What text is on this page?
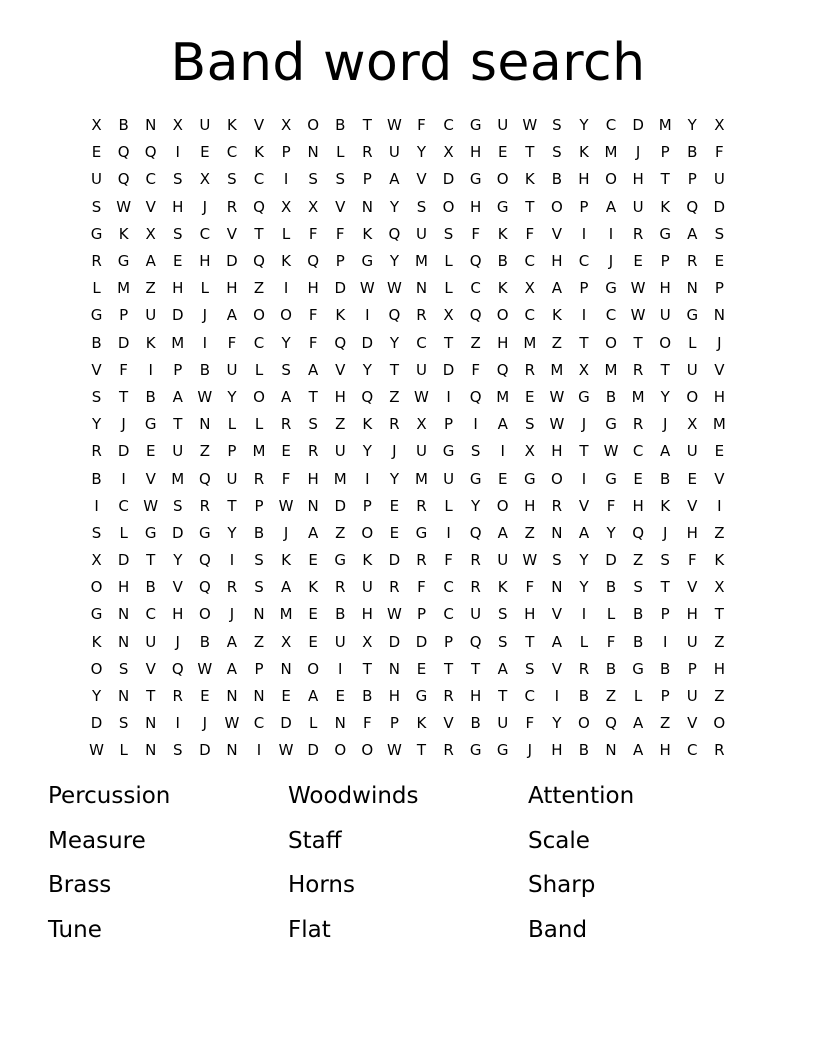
Band word search
X	B	N	X	U	K	V	X	O	B	T	W	F	C	G	U W S	Y	C	D M	Y	X
E	Q	Q	I	E	C	K	P	N	L	R	U	Y	X	H	E	T	S	K	M	J	P	B	F
U	Q	C	S	X	S	C	I	S	S	P	A	V	D	G	O	K	B	H	O	H	T	P	U
S W V	H	J	R	Q	X	X	V	N	Y	S	O	H	G	T	O	P	A	U	K	Q	D
G	K	X	S	C	V	T	L	F	F	K	Q	U	S	F	K	F	V	I	I	R	G	A	S
R	G	A	E	H	D	Q	K	Q	P	G	Y	M	L	Q	B	C	H	C	J	E	P	R	E
L	M	Z	H	L	H	Z	I	H	D W W N	L	C	K	X	A	P	G W H	N	P
G	P	U	D	J	A	O	O	F	K	I	Q	R	X	Q	O	C	K	I	C W U	G	N
B	D	K	M	I	F	C	Y	F	Q	D	Y	C	T	Z	H M	Z	T	O	T	O	L	J
V	F	I	P	B	U	L	S	A	V	Y	T	U	D	F	Q	R	M	X	M	R	T	U	V
S	T	B	A W	Y	O	A	T	H	Q	Z W	I	Q M	E W G	B	M	Y	O	H
Y	J	G	T	N	L	L	R	S	Z	K	R	X	P	I	A	S W	J	G	R	J	X	M
R	D	E	U	Z	P	M	E	R	U	Y	J	U	G	S	I	X	H	T	W C	A	U	E
B	I	V	M Q	U	R	F	H M	I	Y	M	U	G	E	G	O	I	G	E	B	E	V
I	C W S	R	T	P	W N	D	P	E	R	L	Y	O	H	R	V	F	H	K	V	I
S	L	G	D	G	Y	B	J	A	Z	O	E	G	I	Q	A	Z	N	A	Y	Q	J	H	Z
X	D	T	Y	Q	I	S	K	E	G	K	D	R	F	R	U W S	Y	D	Z	S	F	K
O	H	B	V	Q	R	S	A	K	R	U	R	F	C	R	K	F	N	Y	B	S	T	V	X
G	N	C	H	O	J	N M	E	B	H W	P	C	U	S	H	V	I	L	B	P	H	T
K	N	U	J	B	A	Z	X	E	U	X	D	D	P	Q	S	T	A	L	F	B	I	U	Z
O	S	V	Q W A	P	N	O	I	T	N	E	T	T	A	S	V	R	B	G	B	P	H
Y	N	T	R	E	N	N	E	A	E	B	H	G	R	H	T	C	I	B	Z	L	P	U	Z
D	S	N	I	J	W C	D	L	N	F	P	K	V	B	U	F	Y	O	Q	A	Z	V	O
W	L	N	S	D	N	I	W D	O	O W	T	R	G	G	J	H	B	N	A	H	C	R
Percussion	Woodwinds	Attention
Measure	Staff	Scale
Brass	Horns	Sharp
Tune	Flat	Band
